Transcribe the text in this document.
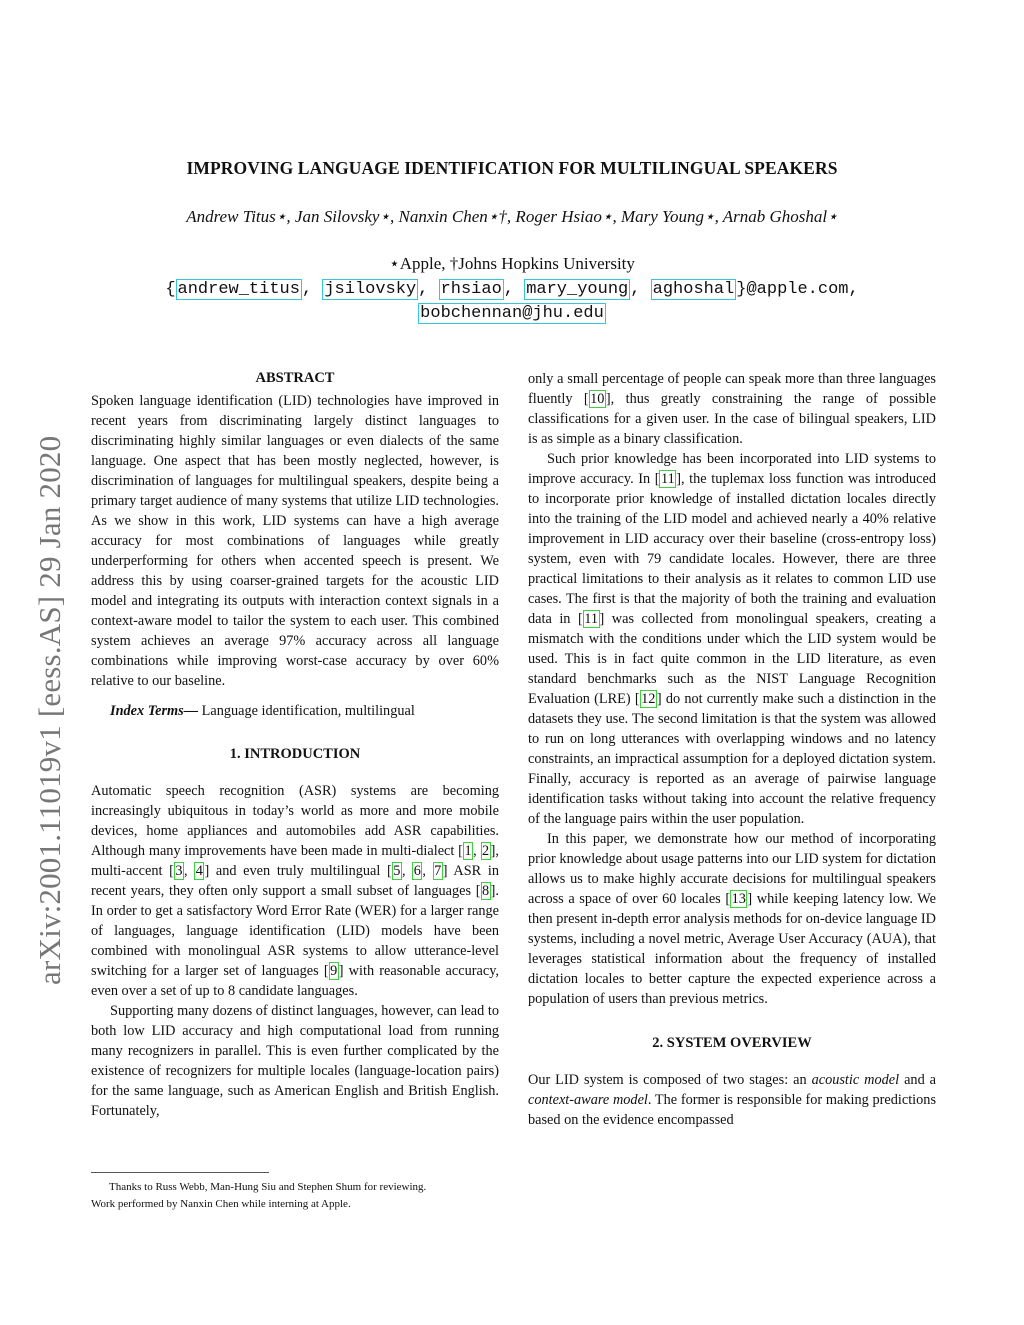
IMPROVING LANGUAGE IDENTIFICATION FOR MULTILINGUAL SPEAKERS
Andrew Titus⋆, Jan Silovsky⋆, Nanxin Chen⋆†, Roger Hsiao⋆, Mary Young⋆, Arnab Ghoshal⋆
⋆Apple, †Johns Hopkins University
{ andrew_titus , jsilovsky , rhsiao , mary_young , aghoshal }@apple.com,
bobchennan@jhu.edu
arXiv:2001.11019v1 [eess.AS] 29 Jan 2020
ABSTRACT

Spoken language identification (LID) technologies have improved in recent years from discriminating largely distinct languages to discriminating highly similar languages or even dialects of the same language. One aspect that has been mostly neglected, however, is discrimination of languages for multilingual speakers, despite being a primary target audience of many systems that utilize LID technologies. As we show in this work, LID systems can have a high average accuracy for most combinations of languages while greatly underperforming for others when accented speech is present. We address this by using coarser-grained targets for the acoustic LID model and integrating its outputs with interaction context signals in a context-aware model to tailor the system to each user. This combined system achieves an average 97% accuracy across all language combinations while improving worst-case accuracy by over 60% relative to our baseline.

Index Terms— Language identification, multilingual

1. INTRODUCTION

Automatic speech recognition (ASR) systems are becoming increasingly ubiquitous in today’s world as more and more mobile devices, home appliances and automobiles add ASR capabilities. Although many improvements have been made in multi-dialect [ 1 , 2 ], multi-accent [ 3 , 4 ] and even truly multilingual [ 5 , 6 , 7 ] ASR in recent years, they often only support a small subset of languages [ 8 ]. In order to get a satisfactory Word Error Rate (WER) for a larger range of languages, language identification (LID) models have been combined with monolingual ASR systems to allow utterance-level switching for a larger set of languages [ 9 ] with reasonable accuracy, even over a set of up to 8 candidate languages.

Supporting many dozens of distinct languages, however, can lead to both low LID accuracy and high computational load from running many recognizers in parallel. This is even further complicated by the existence of recognizers for multiple locales (language-location pairs) for the same language, such as American English and British English. Fortunately,

only a small percentage of people can speak more than three languages fluently [ 10 ], thus greatly constraining the range of possible classifications for a given user. In the case of bilingual speakers, LID is as simple as a binary classification.

Such prior knowledge has been incorporated into LID systems to improve accuracy. In [ 11 ], the tuplemax loss function was introduced to incorporate prior knowledge of installed dictation locales directly into the training of the LID model and achieved nearly a 40% relative improvement in LID accuracy over their baseline (cross-entropy loss) system, even with 79 candidate locales. However, there are three practical limitations to their analysis as it relates to common LID use cases. The first is that the majority of both the training and evaluation data in [ 11 ] was collected from monolingual speakers, creating a mismatch with the conditions under which the LID system would be used. This is in fact quite common in the LID literature, as even standard benchmarks such as the NIST Language Recognition Evaluation (LRE) [ 12 ] do not currently make such a distinction in the datasets they use. The second limitation is that the system was allowed to run on long utterances with overlapping windows and no latency constraints, an impractical assumption for a deployed dictation system. Finally, accuracy is reported as an average of pairwise language identification tasks without taking into account the relative frequency of the language pairs within the user population.

In this paper, we demonstrate how our method of incorporating prior knowledge about usage patterns into our LID system for dictation allows us to make highly accurate decisions for multilingual speakers across a space of over 60 locales [ 13 ] while keeping latency low. We then present in-depth error analysis methods for on-device language ID systems, including a novel metric, Average User Accuracy (AUA), that leverages statistical information about the frequency of installed dictation locales to better capture the expected experience across a population of users than previous metrics.

2. SYSTEM OVERVIEW

Our LID system is composed of two stages: an acoustic model and a context-aware model. The former is responsible for making predictions based on the evidence encompassed

Thanks to Russ Webb, Man-Hung Siu and Stephen Shum for reviewing.
Work performed by Nanxin Chen while interning at Apple.
